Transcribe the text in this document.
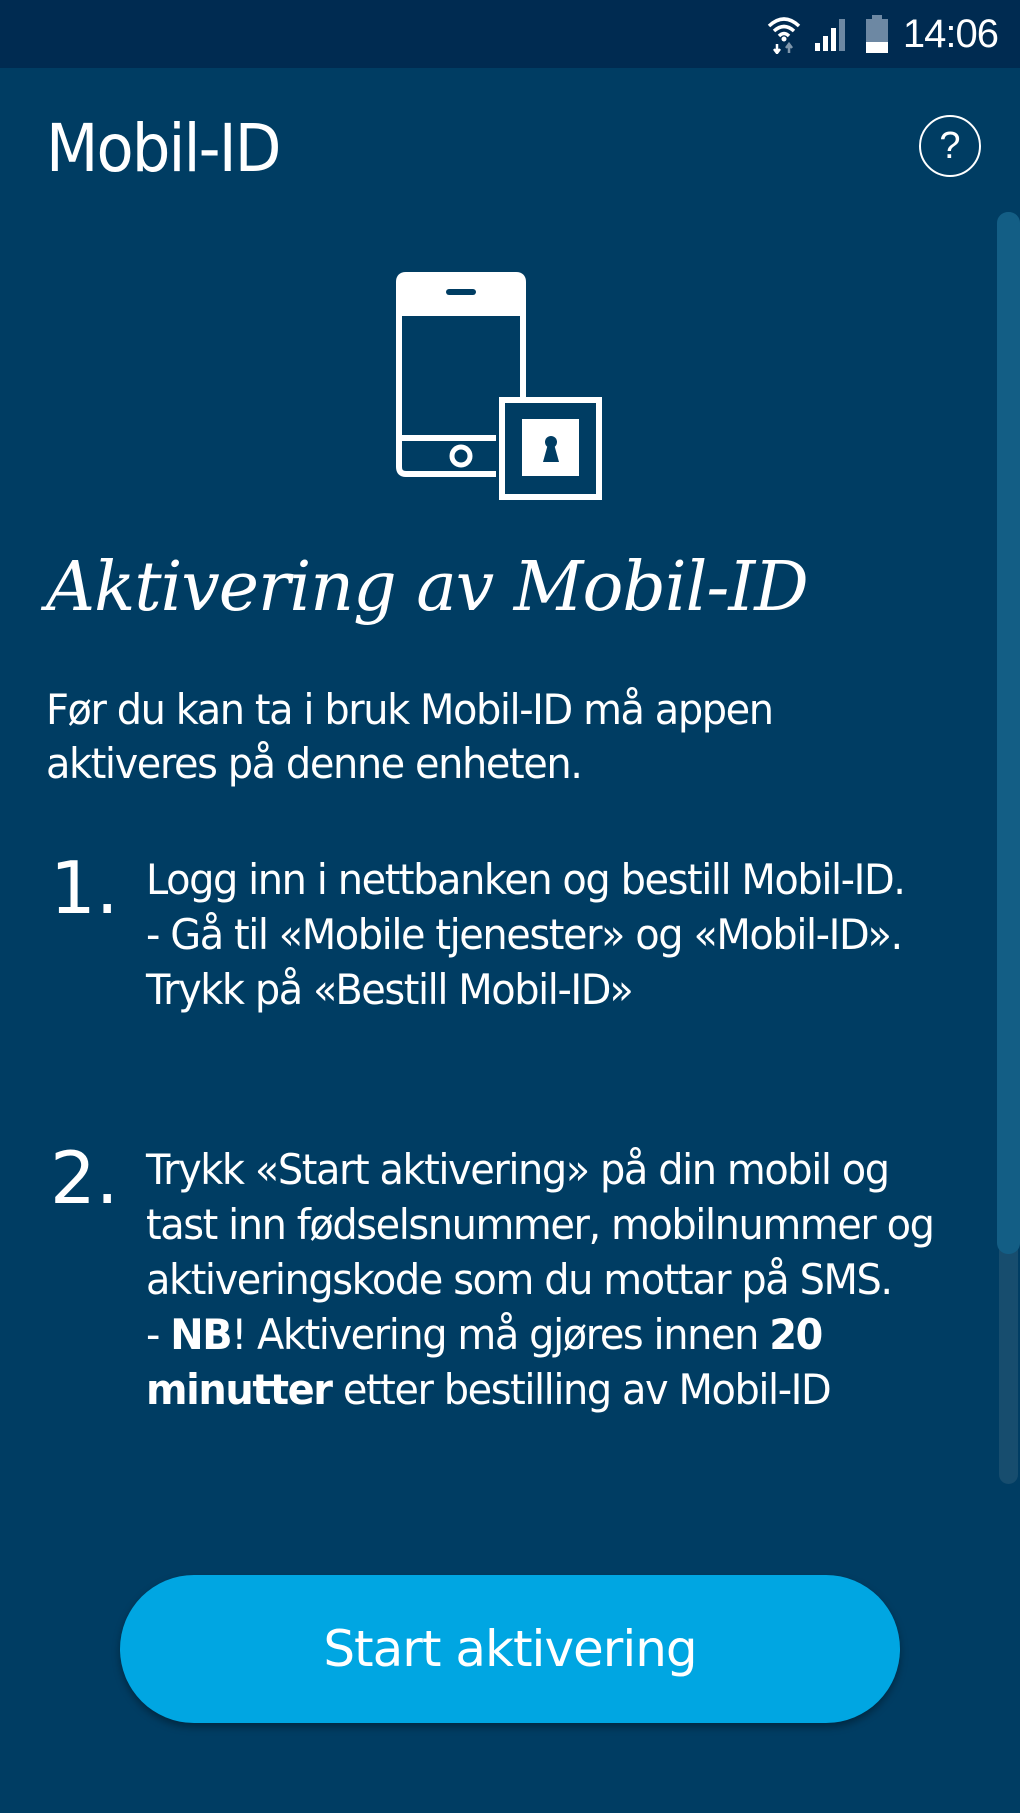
14:06
Mobil-ID	?
Aktivering av Mobil-ID
Før du kan ta i bruk Mobil-ID må appen aktiveres på denne enheten.
1. Logg inn i nettbanken og bestill Mobil-ID.
- Gå til «Mobile tjenester» og «Mobil-ID». Trykk på «Bestill Mobil-ID»
2. Trykk «Start aktivering» på din mobil og tast inn fødselsnummer, mobilnummer og aktiveringskode som du mottar på SMS.
- NB! Aktivering må gjøres innen 20 minutter etter bestilling av Mobil-ID
Start aktivering
